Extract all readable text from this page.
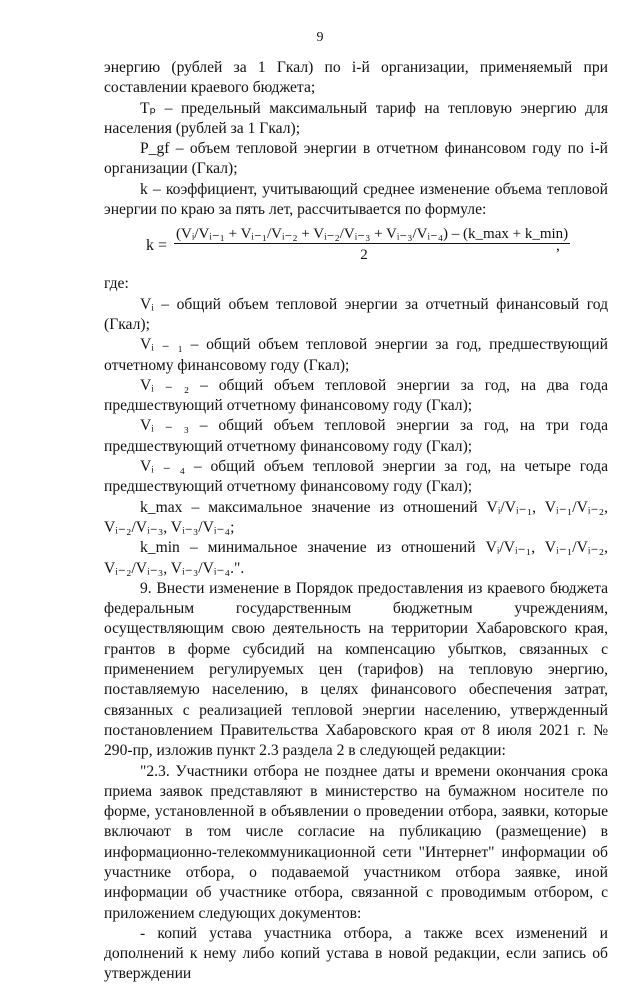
9

энергию (рублей за 1 Гкал) по i-й организации, применяемый при составлении краевого бюджета;

Tₚ – предельный максимальный тариф на тепловую энергию для населения (рублей за 1 Гкал);

P_gf – объем тепловой энергии в отчетном финансовом году по i-й организации (Гкал);

k – коэффициент, учитывающий среднее изменение объема тепловой энергии по краю за пять лет, рассчитывается по формуле:

k =
(Vᵢ/Vᵢ₋₁ + Vᵢ₋₁/Vᵢ₋₂ + Vᵢ₋₂/Vᵢ₋₃ + Vᵢ₋₃/Vᵢ₋₄) – (k_max + k_min)
2
,

где:

Vᵢ – общий объем тепловой энергии за отчетный финансовый год (Гкал);

Vᵢ ₋ ₁ – общий объем тепловой энергии за год, предшествующий отчетному финансовому году (Гкал);

Vᵢ ₋ ₂ – общий объем тепловой энергии за год, на два года предшествующий отчетному финансовому году (Гкал);

Vᵢ ₋ ₃ – общий объем тепловой энергии за год, на три года предшествующий отчетному финансовому году (Гкал);

Vᵢ ₋ ₄ – общий объем тепловой энергии за год, на четыре года предшествующий отчетному финансовому году (Гкал);

k_max – максимальное значение из отношений Vᵢ/Vᵢ₋₁, Vᵢ₋₁/Vᵢ₋₂, Vᵢ₋₂/Vᵢ₋₃, Vᵢ₋₃/Vᵢ₋₄;

k_min – минимальное значение из отношений Vᵢ/Vᵢ₋₁, Vᵢ₋₁/Vᵢ₋₂, Vᵢ₋₂/Vᵢ₋₃, Vᵢ₋₃/Vᵢ₋₄.".

9. Внести изменение в Порядок предоставления из краевого бюджета федеральным государственным бюджетным учреждениям, осуществляющим свою деятельность на территории Хабаровского края, грантов в форме субсидий на компенсацию убытков, связанных с применением регулируемых цен (тарифов) на тепловую энергию, поставляемую населению, в целях финансового обеспечения затрат, связанных с реализацией тепловой энергии населению, утвержденный постановлением Правительства Хабаровского края от 8 июля 2021 г. № 290-пр, изложив пункт 2.3 раздела 2 в следующей редакции:

"2.3. Участники отбора не позднее даты и времени окончания срока приема заявок представляют в министерство на бумажном носителе по форме, установленной в объявлении о проведении отбора, заявки, которые включают в том числе согласие на публикацию (размещение) в информационно-телекоммуникационной сети "Интернет" информации об участнике отбора, о подаваемой участником отбора заявке, иной информации об участнике отбора, связанной с проводимым отбором, с приложением следующих документов:

- копий устава участника отбора, а также всех изменений и дополнений к нему либо копий устава в новой редакции, если запись об утверждении
